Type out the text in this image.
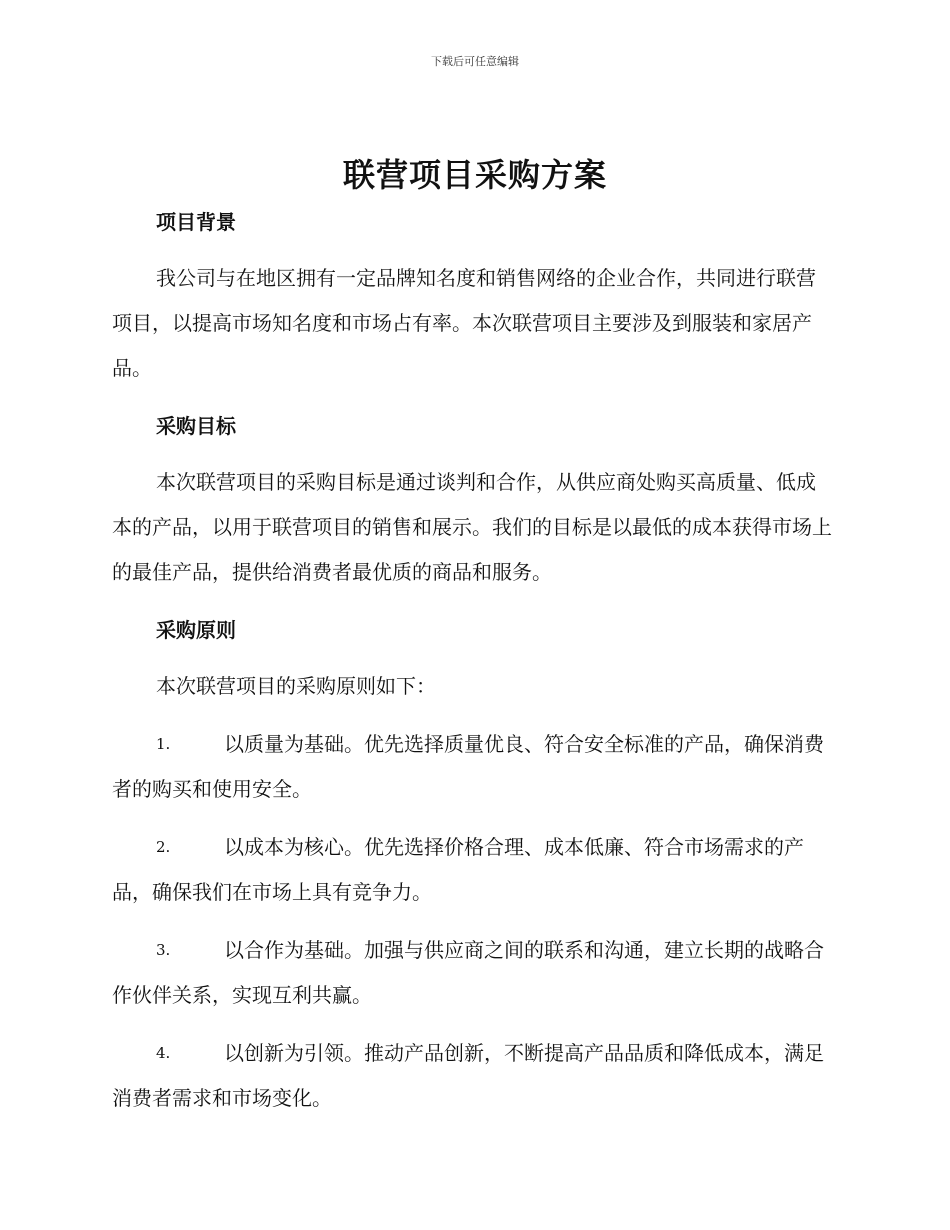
下载后可任意编辑
联营项目采购方案
项目背景

我公司与在地区拥有一定品牌知名度和销售网络的企业合作，共同进行联营项目，以提高市场知名度和市场占有率。本次联营项目主要涉及到服装和家居产品。

采购目标

本次联营项目的采购目标是通过谈判和合作，从供应商处购买高质量、低成本的产品，以用于联营项目的销售和展示。我们的目标是以最低的成本获得市场上的最佳产品，提供给消费者最优质的商品和服务。

采购原则

本次联营项目的采购原则如下：

1.	以质量为基础。优先选择质量优良、符合安全标准的产品，确保消费者的购买和使用安全。
2.	以成本为核心。优先选择价格合理、成本低廉、符合市场需求的产品，确保我们在市场上具有竞争力。
3.	以合作为基础。加强与供应商之间的联系和沟通，建立长期的战略合作伙伴关系，实现互利共赢。
4.	以创新为引领。推动产品创新，不断提高产品品质和降低成本，满足消费者需求和市场变化。
